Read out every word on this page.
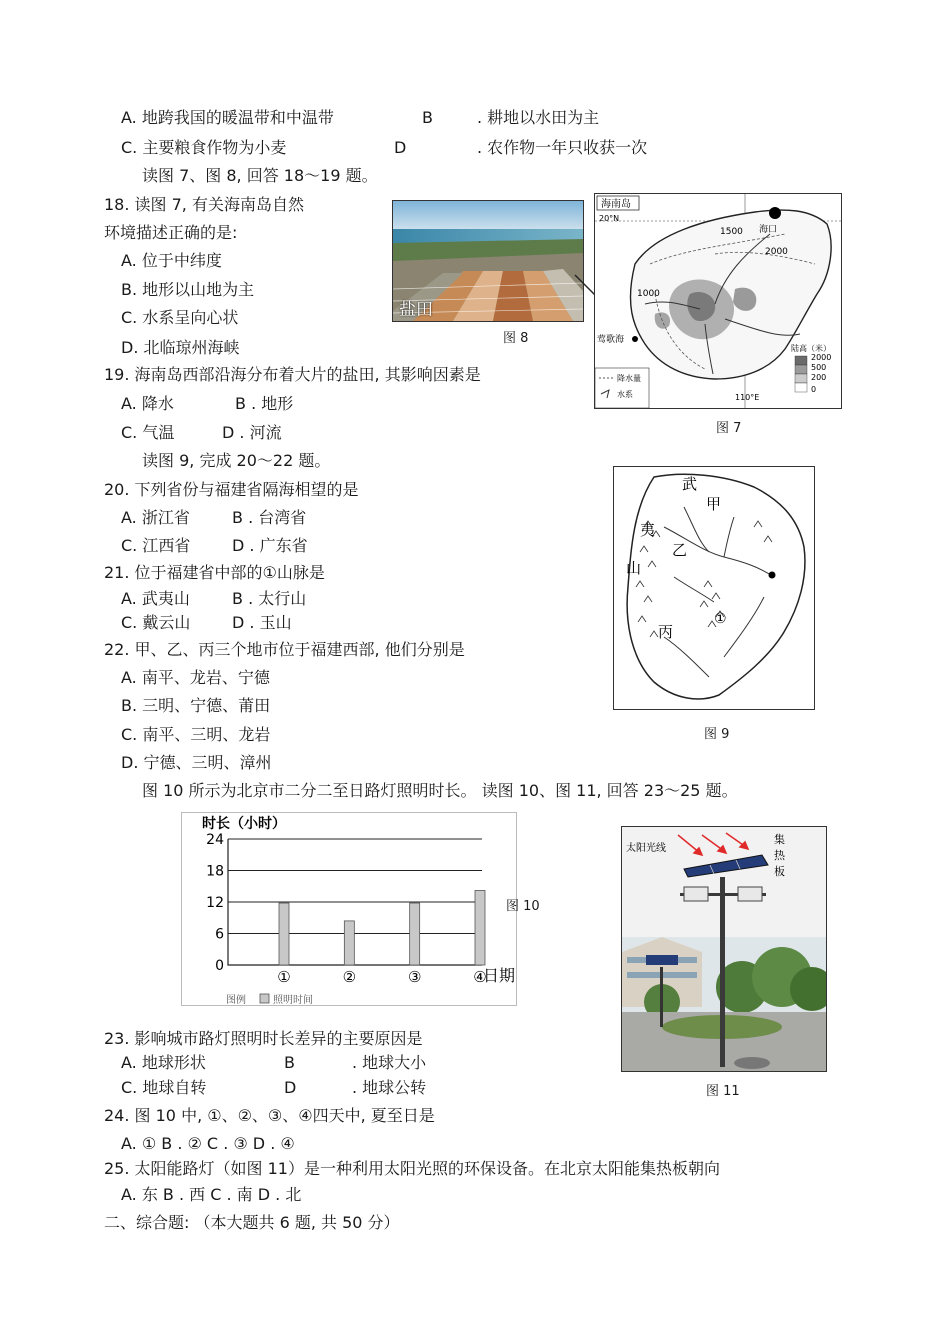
A. 地跨我国的暖温带和中温带	B	. 耕地以水田为主
C. 主要粮食作物为小麦	D	. 农作物一年只收获一次
读图 7、图 8, 回答 18～19 题。
18. 读图 7, 有关海南岛自然
环境描述正确的是:
A. 位于中纬度
B. 地形以山地为主
C. 水系呈向心状
D. 北临琼州海峡
19. 海南岛西部沿海分布着大片的盐田, 其影响因素是
A. 降水	B . 地形
C. 气温	D . 河流
读图 9, 完成 20～22 题。
20. 下列省份与福建省隔海相望的是
A. 浙江省	B . 台湾省
C. 江西省	D . 广东省
21. 位于福建省中部的①山脉是
A. 武夷山	B . 太行山
C. 戴云山	D . 玉山
22. 甲、乙、丙三个地市位于福建西部, 他们分别是
A. 南平、龙岩、宁德
B. 三明、宁德、莆田
C. 南平、三明、龙岩
D. 宁德、三明、漳州
图 10 所示为北京市二分二至日路灯照明时长。 读图 10、图 11, 回答 23～25 题。
23. 影响城市路灯照明时长差异的主要原因是
A. 地球形状	B	. 地球大小
C. 地球自转	D	. 地球公转
24. 图 10 中, ①、②、③、④四天中, 夏至日是
A. ① B . ② C . ③ D . ④
25. 太阳能路灯（如图 11）是一种利用太阳光照的环保设备。在北京太阳能集热板朝向
A. 东 B . 西 C . 南 D . 北
二、综合题: （本大题共 6 题, 共 50 分）
盐田
图 8
海南岛
20°N
110°E
1500
2000
1000
海口
莺歌海
降水量
水系
陆高（米）
2000
500
200
0
图 7
武
甲
夷
乙
山
丙
①
图 9
时长（小时）
0
6
12
18
24
①	②	③	④
日期
图例	照明时间
图 10
太阳光线
集
热
板
图 11
